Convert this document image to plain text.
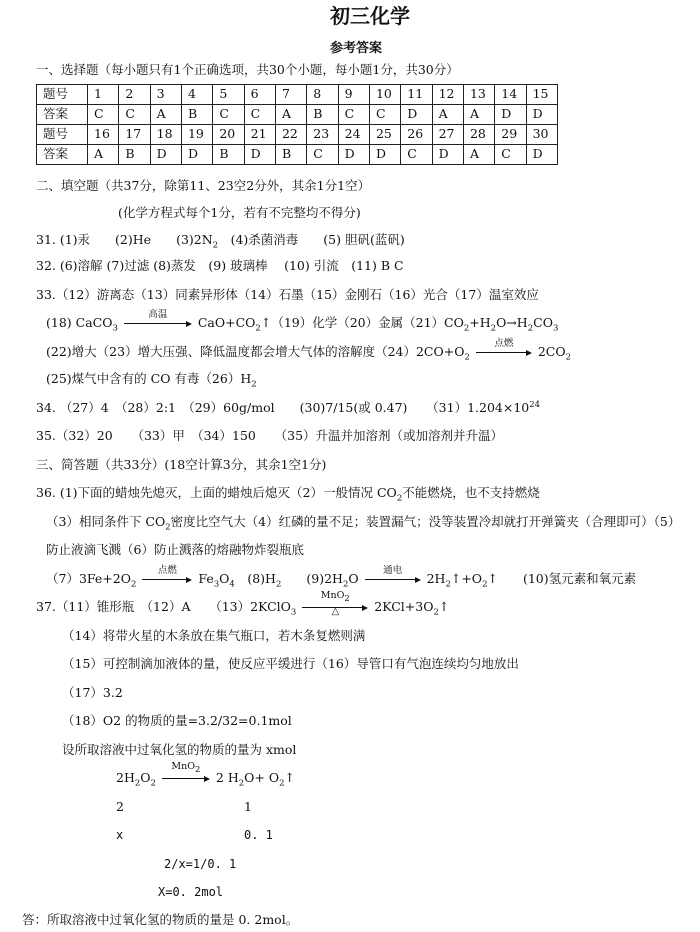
初三化学
参考答案
一、选择题（每小题只有1个正确选项，共30个小题，每小题1分，共30分）
题号	1	2	3	4	5	6	7	8	9	10	11	12	13	14	15
答案	C	C	A	B	C	C	A	B	C	C	D	A	A	D	D
题号	16	17	18	19	20	21	22	23	24	25	26	27	28	29	30
答案	A	B	D	D	B	D	B	C	D	D	C	D	A	C	D
二、填空题（共37分，除第11、23空2分外，其余1分1空）
(化学方程式每个1分，若有不完整均不得分)
31. (1)汞　　(2)He　　$(3)2N_2$　(4)杀菌消毒　　(5) 胆矾(蓝矾)
32. (6)溶解 (7)过滤 (8)蒸发　(9) 玻璃棒　 (10) 引流　(11) B C
33.（12）游离态（13）同素异形体（14）石墨（15）金刚石（16）光合（17）温室效应
(18) CaCO$_3$
高温
$CaO+CO_2↑(19)$化学（20）金属$(21)CO_2+H_2O\to H_2CO_3$
(22)增大（23）增大压强、降低温度都会增大气体的溶解度$(24)2CO+O_2$
点燃
$2CO_2$
(25)煤气中含有的 CO 有毒$(26)H_2$
34. （27）4　（28）2:1　（29）60g/mol　　(30)7/15(或 0.47)　　$(31)1.204\times 10^{24}$
35.（32）20　　（33）甲　（34）150　　（35）升温并加溶剂（或加溶剂并升温）
三、简答题（共33分）(18空计算3分，其余1空1分)
36. (1)下面的蜡烛先熄灭，上面的蜡烛后熄灭（2）一般情况 $CO_2$不能燃烧，也不支持燃烧
（3）相同条件下 $CO_2$密度比空气大（4）红磷的量不足；装置漏气；没等装置冷却就打开弹簧夹（合理即可）（5）
防止液滴飞溅（6）防止溅落的熔融物炸裂瓶底
$(7)3Fe+2O_2$
点燃
$Fe_3O_4$　$(8)H_2$　　$(9)2H_2O$
通电
$2H_2↑+O_2↑$　　(10)氢元素和氧元素
37.（11）锥形瓶　（12）A　　（13）2KClO$_3$
MnO$_2$
△	$2KCl+3O_2↑$
（14）将带火星的木条放在集气瓶口，若木条复燃则满
（15）可控制滴加液体的量，使反应平缓进行（16）导管口有气泡连续均匀地放出
（17）3.2
（18）O2 的物质的量=3.2/32=0.1mol
设所取溶液中过氧化氢的物质的量为 xmol
$2H_2O_2$
MnO$_2$
2 $H_2O+$ $O_2↑$
2	1
x	0. 1
2/x=1/0. 1
X=0. 2mol
答：所取溶液中过氧化氢的物质的量是 0. 2mol。
